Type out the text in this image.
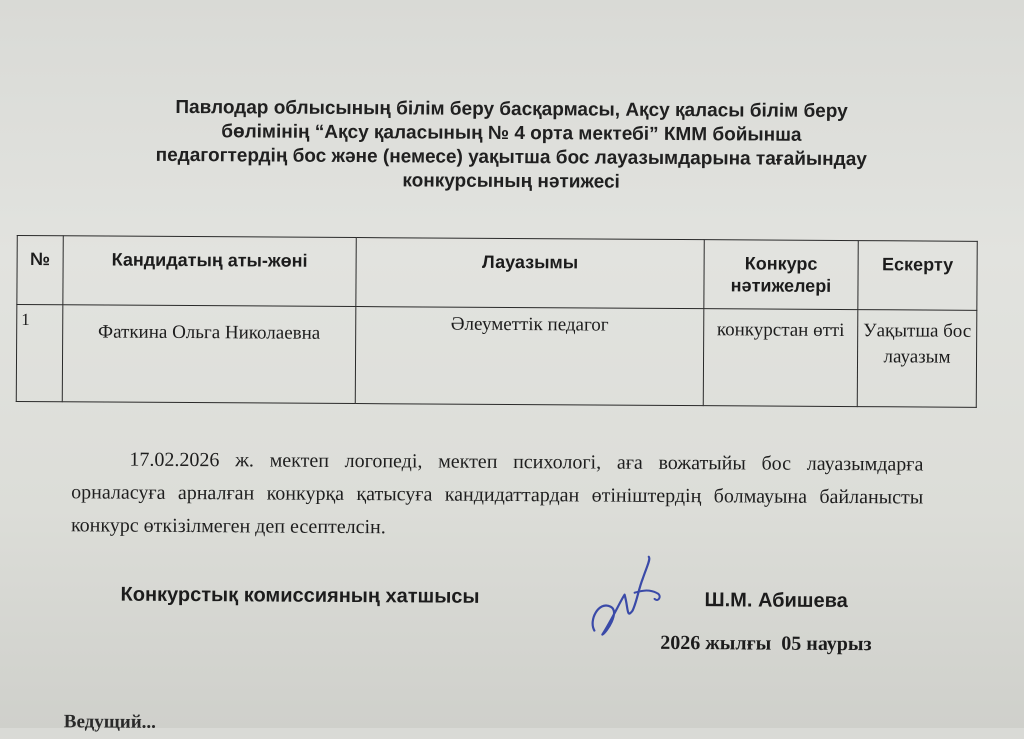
Павлодар облысының білім беру басқармасы, Ақсу қаласы білім беру
бөлімінің “Ақсу қаласының № 4 орта мектебі” КММ бойынша
педагогтердің бос және (немесе) уақытша бос лауазымдарына тағайындау
конкурсының нәтижесі
№	Кандидатың аты-жөні	Лауазымы	Конкурс нәтижелері	Ескерту
1	Фаткина Ольга Николаевна	Әлеуметтік педагог	конкурстан өтті	Уақытша бос лауазым

17.02.2026 ж. мектеп логопеді, мектеп психологі, аға вожатыйы бос лауазымдарға орналасуға арналған конкурқа қатысуға кандидаттардан өтініштердің болмауына байланысты конкурс өткізілмеген деп есептелсін.

Конкурстық комиссияның хатшысы	Ш.М. Абишева
2026 жылғы  05 наурыз
Ведущий...
